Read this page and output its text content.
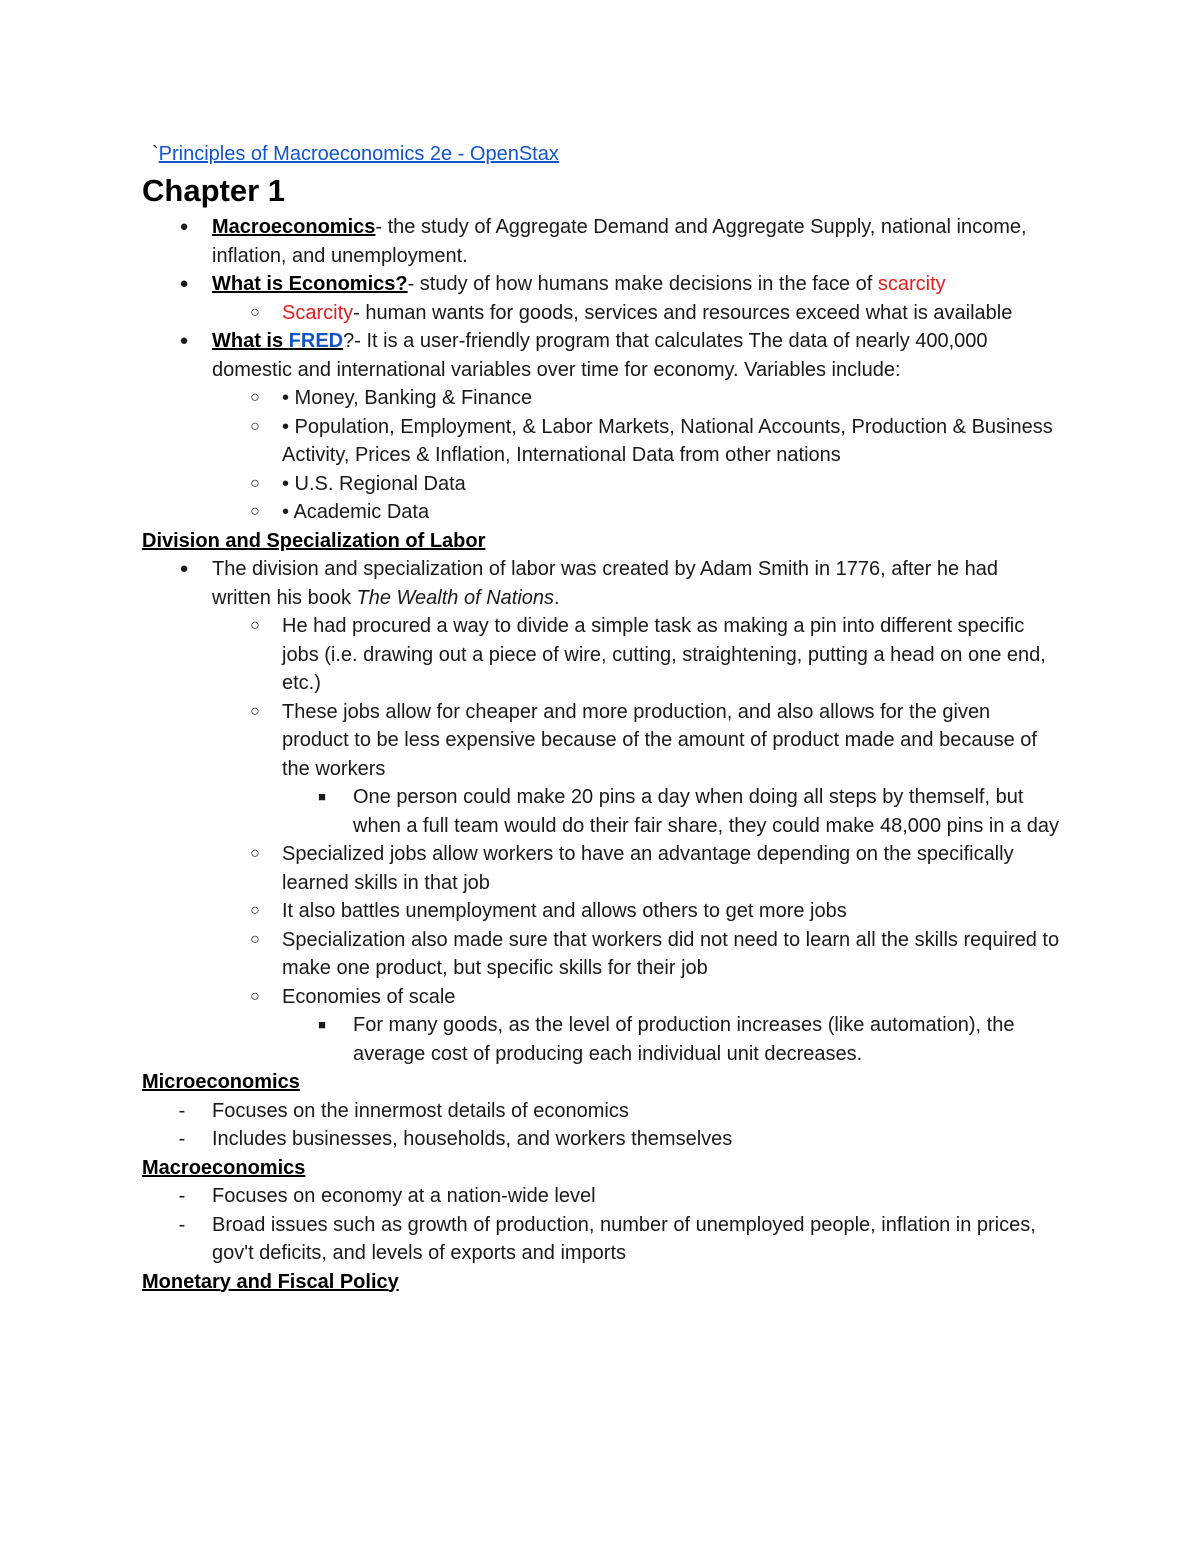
`Principles of Macroeconomics 2e - OpenStax
Chapter 1
● Macroeconomics- the study of Aggregate Demand and Aggregate Supply, national income, inflation, and unemployment.
● What is Economics?- study of how humans make decisions in the face of scarcity
○ Scarcity- human wants for goods, services and resources exceed what is available
● What is FRED?- It is a user-friendly program that calculates The data of nearly 400,000 domestic and international variables over time for economy. Variables include:
○ • Money, Banking & Finance
○ • Population, Employment, & Labor Markets, National Accounts, Production & Business Activity, Prices & Inflation, International Data from other nations
○ • U.S. Regional Data
○ • Academic Data
Division and Specialization of Labor
● The division and specialization of labor was created by Adam Smith in 1776, after he had written his book The Wealth of Nations.
○ He had procured a way to divide a simple task as making a pin into different specific jobs (i.e. drawing out a piece of wire, cutting, straightening, putting a head on one end, etc.)
○ These jobs allow for cheaper and more production, and also allows for the given product to be less expensive because of the amount of product made and because of the workers
■	One person could make 20 pins a day when doing all steps by themself, but when a full team would do their fair share, they could make 48,000 pins in a day
○ Specialized jobs allow workers to have an advantage depending on the specifically learned skills in that job
○ It also battles unemployment and allows others to get more jobs
○ Specialization also made sure that workers did not need to learn all the skills required to make one product, but specific skills for their job
○ Economies of scale
■	For many goods, as the level of production increases (like automation), the average cost of producing each individual unit decreases.
Microeconomics
-	Focuses on the innermost details of economics
-	Includes businesses, households, and workers themselves
Macroeconomics
-	Focuses on economy at a nation-wide level
-	Broad issues such as growth of production, number of unemployed people, inflation in prices, gov't deficits, and levels of exports and imports
Monetary and Fiscal Policy
